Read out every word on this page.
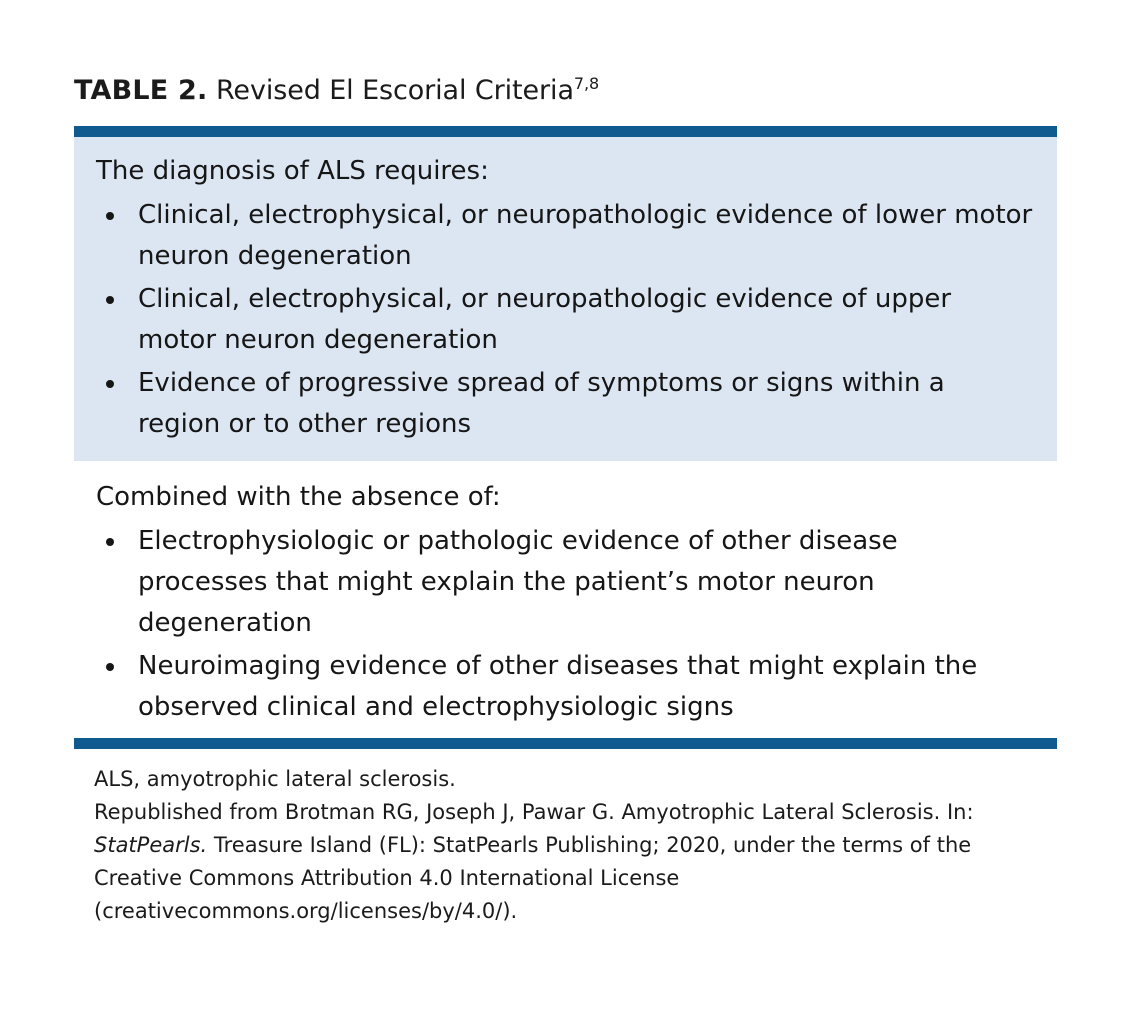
TABLE 2. Revised El Escorial Criteria$^{7,8}$

The diagnosis of ALS requires:

Clinical, electrophysical, or neuropathologic evidence of lower motor neuron degeneration
Clinical, electrophysical, or neuropathologic evidence of upper motor neuron degeneration
Evidence of progressive spread of symptoms or signs within a region or to other regions

Combined with the absence of:

Electrophysiologic or pathologic evidence of other disease processes that might explain the patient’s motor neuron degeneration
Neuroimaging evidence of other diseases that might explain the observed clinical and electrophysiologic signs

ALS, amyotrophic lateral sclerosis.

Republished from Brotman RG, Joseph J, Pawar G. Amyotrophic Lateral Sclerosis. In: StatPearls. Treasure Island (FL): StatPearls Publishing; 2020, under the terms of the Creative Commons Attribution 4.0 International License (creativecommons.org/licenses/by/4.0/).
